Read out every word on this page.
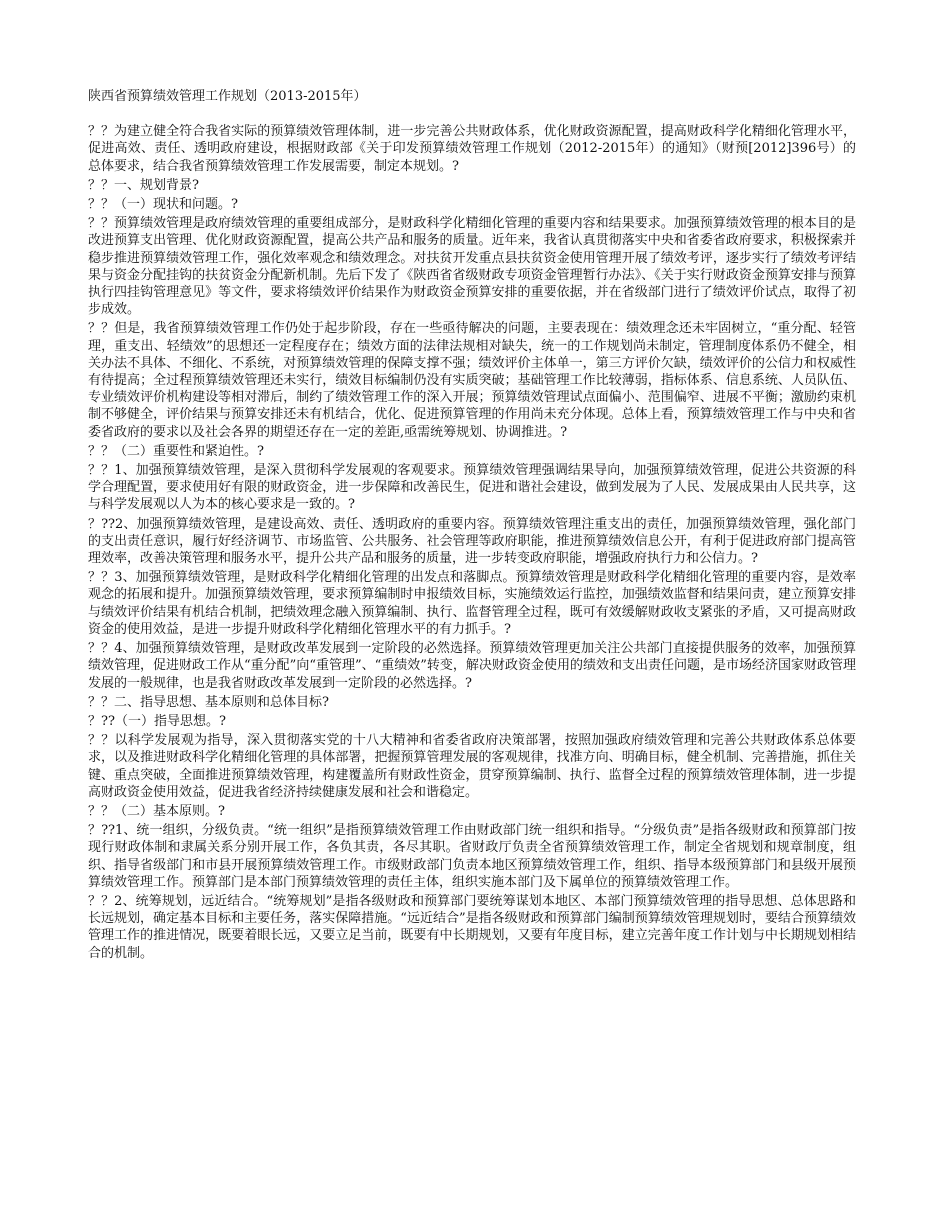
陕西省预算绩效管理工作规划（2013-2015年）

？？为建立健全符合我省实际的预算绩效管理体制，进一步完善公共财政体系，优化财政资源配置，提高财政科学化精细化管理水平，促进高效、责任、透明政府建设，根据财政部《关于印发预算绩效管理工作规划（2012-2015年）的通知》（财预[2012]396号）的总体要求，结合我省预算绩效管理工作发展需要，制定本规划。?

？？一、规划背景?

？？（一）现状和问题。?

？？预算绩效管理是政府绩效管理的重要组成部分，是财政科学化精细化管理的重要内容和结果要求。加强预算绩效管理的根本目的是改进预算支出管理、优化财政资源配置，提高公共产品和服务的质量。近年来，我省认真贯彻落实中央和省委省政府要求，积极探索并稳步推进预算绩效管理工作，强化效率观念和绩效理念。对扶贫开发重点县扶贫资金使用管理开展了绩效考评，逐步实行了绩效考评结果与资金分配挂钩的扶贫资金分配新机制。先后下发了《陕西省省级财政专项资金管理暂行办法》、《关于实行财政资金预算安排与预算执行四挂钩管理意见》等文件，要求将绩效评价结果作为财政资金预算安排的重要依据，并在省级部门进行了绩效评价试点，取得了初步成效。

？？但是，我省预算绩效管理工作仍处于起步阶段，存在一些亟待解决的问题，主要表现在：绩效理念还未牢固树立，“重分配、轻管理，重支出、轻绩效”的思想还一定程度存在；绩效方面的法律法规相对缺失，统一的工作规划尚未制定，管理制度体系仍不健全，相关办法不具体、不细化、不系统，对预算绩效管理的保障支撑不强；绩效评价主体单一，第三方评价欠缺，绩效评价的公信力和权威性有待提高；全过程预算绩效管理还未实行，绩效目标编制仍没有实质突破；基础管理工作比较薄弱，指标体系、信息系统、人员队伍、专业绩效评价机构建设等相对滞后，制约了绩效管理工作的深入开展；预算绩效管理试点面偏小、范围偏窄、进展不平衡；激励约束机制不够健全，评价结果与预算安排还未有机结合，优化、促进预算管理的作用尚未充分体现。总体上看，预算绩效管理工作与中央和省委省政府的要求以及社会各界的期望还存在一定的差距,亟需统筹规划、协调推进。?

？？（二）重要性和紧迫性。?

？？1、加强预算绩效管理，是深入贯彻科学发展观的客观要求。预算绩效管理强调结果导向，加强预算绩效管理，促进公共资源的科学合理配置，要求使用好有限的财政资金，进一步保障和改善民生，促进和谐社会建设，做到发展为了人民、发展成果由人民共享，这与科学发展观以人为本的核心要求是一致的。?

？??2、加强预算绩效管理，是建设高效、责任、透明政府的重要内容。预算绩效管理注重支出的责任，加强预算绩效管理，强化部门的支出责任意识，履行好经济调节、市场监管、公共服务、社会管理等政府职能，推进预算绩效信息公开，有利于促进政府部门提高管理效率，改善决策管理和服务水平，提升公共产品和服务的质量，进一步转变政府职能，增强政府执行力和公信力。?

？？3、加强预算绩效管理，是财政科学化精细化管理的出发点和落脚点。预算绩效管理是财政科学化精细化管理的重要内容，是效率观念的拓展和提升。加强预算绩效管理，要求预算编制时申报绩效目标，实施绩效运行监控，加强绩效监督和结果问责，建立预算安排与绩效评价结果有机结合机制，把绩效理念融入预算编制、执行、监督管理全过程，既可有效缓解财政收支紧张的矛盾，又可提高财政资金的使用效益，是进一步提升财政科学化精细化管理水平的有力抓手。?

？？4、加强预算绩效管理，是财政改革发展到一定阶段的必然选择。预算绩效管理更加关注公共部门直接提供服务的效率，加强预算绩效管理，促进财政工作从“重分配”向“重管理”、“重绩效”转变，解决财政资金使用的绩效和支出责任问题，是市场经济国家财政管理发展的一般规律，也是我省财政改革发展到一定阶段的必然选择。?

？？二、指导思想、基本原则和总体目标?

？??（一）指导思想。?

？？以科学发展观为指导，深入贯彻落实党的十八大精神和省委省政府决策部署，按照加强政府绩效管理和完善公共财政体系总体要求，以及推进财政科学化精细化管理的具体部署，把握预算管理发展的客观规律，找准方向、明确目标，健全机制、完善措施，抓住关键、重点突破，全面推进预算绩效管理，构建覆盖所有财政性资金，贯穿预算编制、执行、监督全过程的预算绩效管理体制，进一步提高财政资金使用效益，促进我省经济持续健康发展和社会和谐稳定。

？？（二）基本原则。?

？??1、统一组织，分级负责。“统一组织”是指预算绩效管理工作由财政部门统一组织和指导。“分级负责”是指各级财政和预算部门按现行财政体制和隶属关系分别开展工作，各负其责，各尽其职。省财政厅负责全省预算绩效管理工作，制定全省规划和规章制度，组织、指导省级部门和市县开展预算绩效管理工作。市级财政部门负责本地区预算绩效管理工作，组织、指导本级预算部门和县级开展预算绩效管理工作。预算部门是本部门预算绩效管理的责任主体，组织实施本部门及下属单位的预算绩效管理工作。

？？2、统筹规划，远近结合。“统筹规划”是指各级财政和预算部门要统筹谋划本地区、本部门预算绩效管理的指导思想、总体思路和长远规划，确定基本目标和主要任务，落实保障措施。“远近结合”是指各级财政和预算部门编制预算绩效管理规划时，要结合预算绩效管理工作的推进情况，既要着眼长远，又要立足当前，既要有中长期规划，又要有年度目标，建立完善年度工作计划与中长期规划相结合的机制。
